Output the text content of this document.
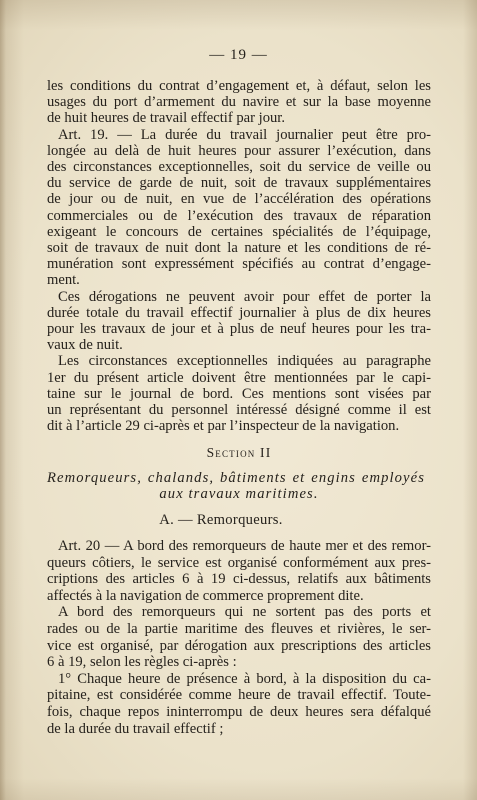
— 19 —
les conditions du contrat d’engagement et, à défaut, selon les
usages du port d’armement du navire et sur la base moyenne
de huit heures de travail effectif par jour.
Art. 19. — La durée du travail journalier peut être pro-
longée au delà de huit heures pour assurer l’exécution, dans
des circonstances exceptionnelles, soit du service de veille ou
du service de garde de nuit, soit de travaux supplémentaires
de jour ou de nuit, en vue de l’accélération des opérations
commerciales ou de l’exécution des travaux de réparation
exigeant le concours de certaines spécialités de l’équipage,
soit de travaux de nuit dont la nature et les conditions de ré-
munération sont expressément spécifiés au contrat d’engage-
ment.
Ces dérogations ne peuvent avoir pour effet de porter la
durée totale du travail effectif journalier à plus de dix heures
pour les travaux de jour et à plus de neuf heures pour les tra-
vaux de nuit.
Les circonstances exceptionnelles indiquées au paragraphe
1er du présent article doivent être mentionnées par le capi-
taine sur le journal de bord. Ces mentions sont visées par
un représentant du personnel intéressé désigné comme il est
dit à l’article 29 ci-après et par l’inspecteur de la navigation.
Section II
Remorqueurs, chalands, bâtiments et engins employés
aux travaux maritimes.
A. — Remorqueurs.
Art. 20 — A bord des remorqueurs de haute mer et des remor-
queurs côtiers, le service est organisé conformément aux pres-
criptions des articles 6 à 19 ci-dessus, relatifs aux bâtiments
affectés à la navigation de commerce proprement dite.
A bord des remorqueurs qui ne sortent pas des ports et
rades ou de la partie maritime des fleuves et rivières, le ser-
vice est organisé, par dérogation aux prescriptions des articles
6 à 19, selon les règles ci-après :
1° Chaque heure de présence à bord, à la disposition du ca-
pitaine, est considérée comme heure de travail effectif. Toute-
fois, chaque repos ininterrompu de deux heures sera défalqué
de la durée du travail effectif ;
